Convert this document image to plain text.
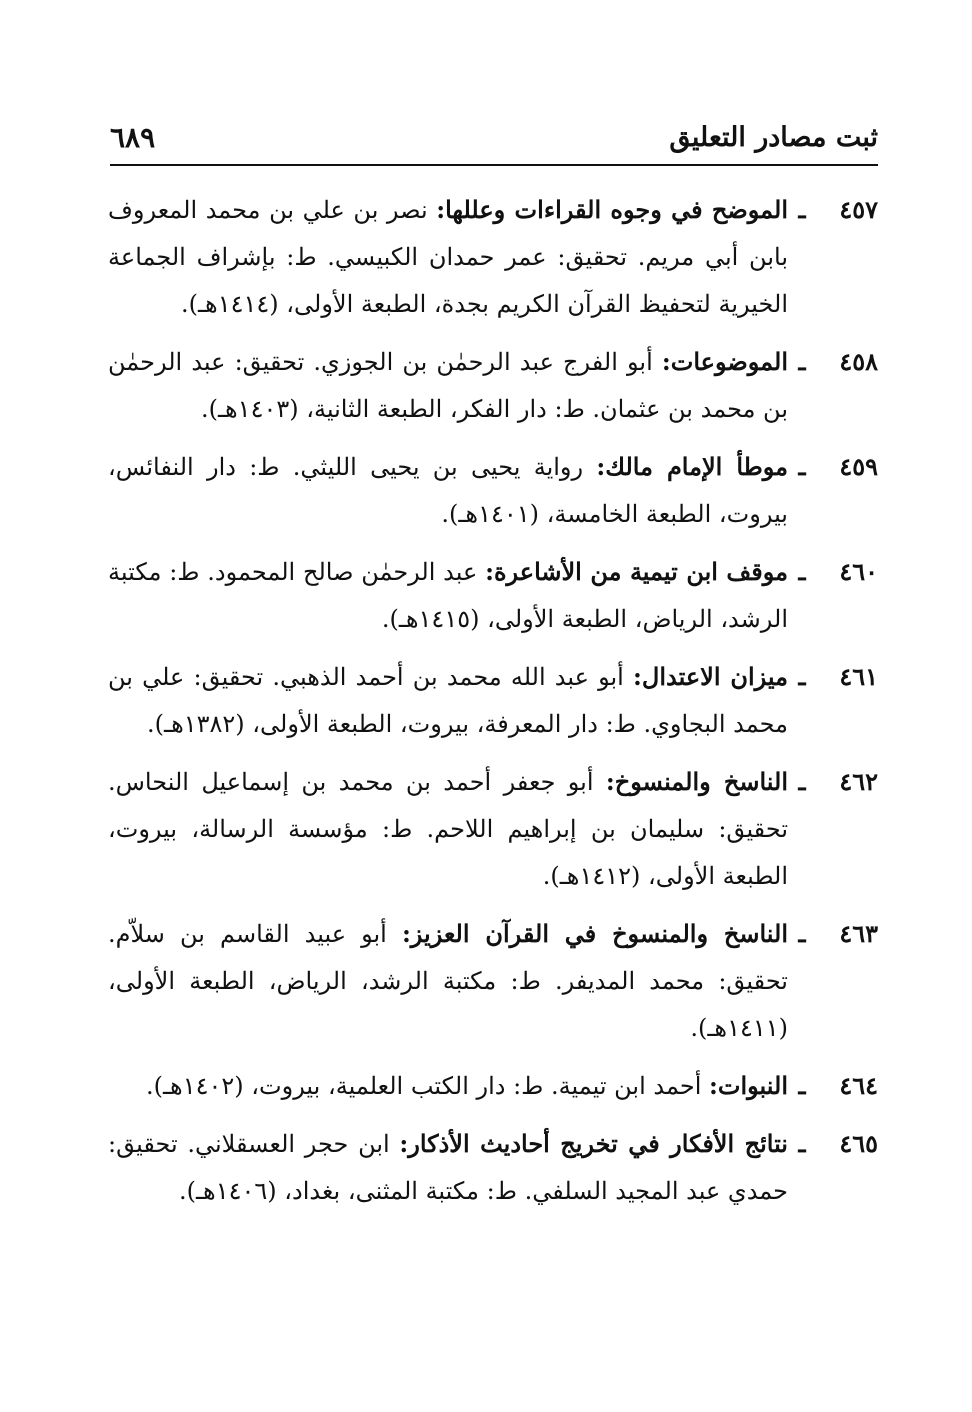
ثبت مصادر التعليق
٦٨٩
٤٥٧
ـ
الموضح في وجوه القراءات وعللها: نصر بن علي بن محمد المعروف بابن أبي مريم. تحقيق: عمر حمدان الكبيسي. ط: بإشراف الجماعة الخيرية لتحفيظ القرآن الكريم بجدة، الطبعة الأولى، (١٤١٤هـ).
٤٥٨
ـ
الموضوعات: أبو الفرج عبد الرحمٰن بن الجوزي. تحقيق: عبد الرحمٰن بن محمد بن عثمان. ط: دار الفكر، الطبعة الثانية، (١٤٠٣هـ).
٤٥٩
ـ
موطأ الإمام مالك: رواية يحيى بن يحيى الليثي. ط: دار النفائس، بيروت، الطبعة الخامسة، (١٤٠١هـ).
٤٦٠
ـ
موقف ابن تيمية من الأشاعرة: عبد الرحمٰن صالح المحمود. ط: مكتبة الرشد، الرياض، الطبعة الأولى، (١٤١٥هـ).
٤٦١
ـ
ميزان الاعتدال: أبو عبد الله محمد بن أحمد الذهبي. تحقيق: علي بن محمد البجاوي. ط: دار المعرفة، بيروت، الطبعة الأولى، (١٣٨٢هـ).
٤٦٢
ـ
الناسخ والمنسوخ: أبو جعفر أحمد بن محمد بن إسماعيل النحاس. تحقيق: سليمان بن إبراهيم اللاحم. ط: مؤسسة الرسالة، بيروت، الطبعة الأولى، (١٤١٢هـ).
٤٦٣
ـ
الناسخ والمنسوخ في القرآن العزيز: أبو عبيد القاسم بن سلاّم. تحقيق: محمد المديفر. ط: مكتبة الرشد، الرياض، الطبعة الأولى، (١٤١١هـ).
٤٦٤
ـ
النبوات: أحمد ابن تيمية. ط: دار الكتب العلمية، بيروت، (١٤٠٢هـ).
٤٦٥
ـ
نتائج الأفكار في تخريج أحاديث الأذكار: ابن حجر العسقلاني. تحقيق: حمدي عبد المجيد السلفي. ط: مكتبة المثنى، بغداد، (١٤٠٦هـ).
